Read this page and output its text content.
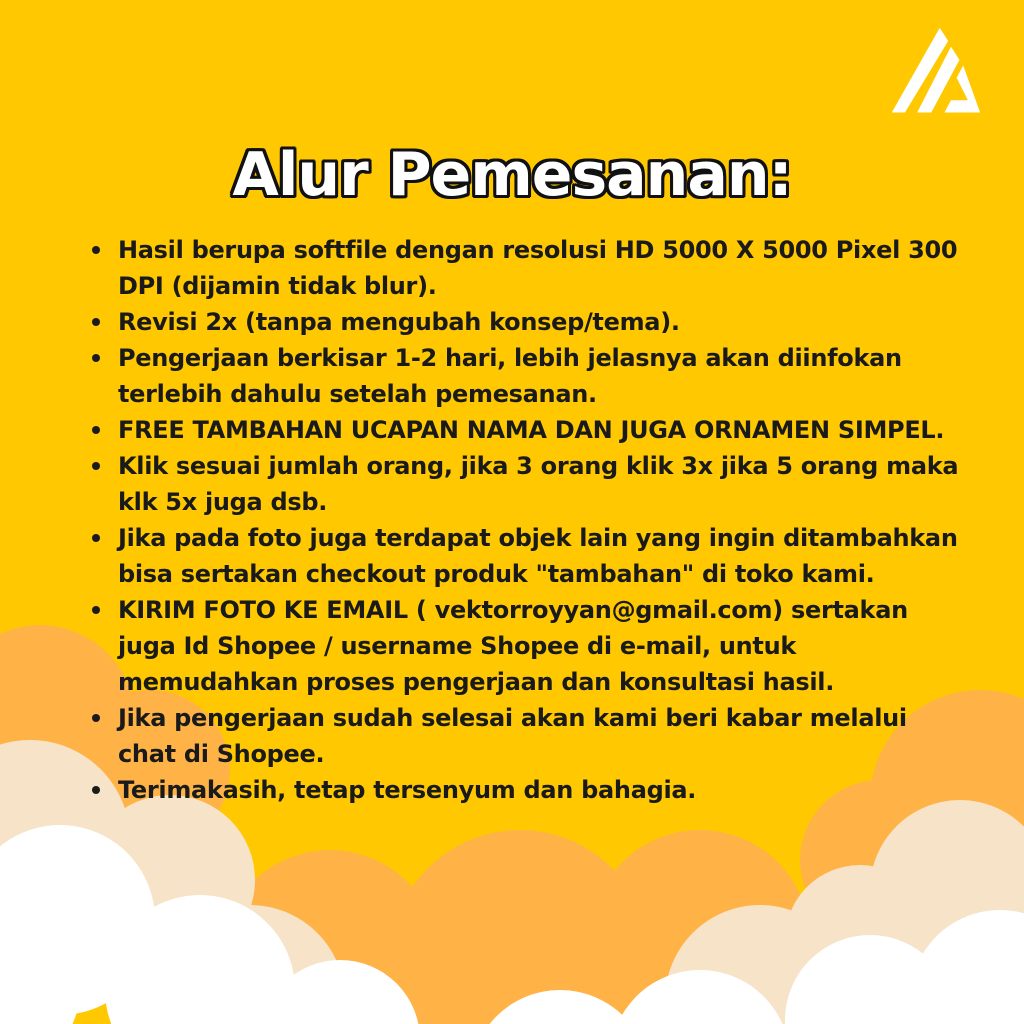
Alur Pemesanan:
Hasil berupa softfile dengan resolusi HD 5000 X 5000 Pixel 300 DPI (dijamin tidak blur).
Revisi 2x (tanpa mengubah konsep/tema).
Pengerjaan berkisar 1-2 hari, lebih jelasnya akan diinfokan terlebih dahulu setelah pemesanan.
FREE TAMBAHAN UCAPAN NAMA DAN JUGA ORNAMEN SIMPEL.
Klik sesuai jumlah orang, jika 3 orang klik 3x jika 5 orang maka klk 5x juga dsb.
Jika pada foto juga terdapat objek lain yang ingin ditambahkan bisa sertakan checkout produk "tambahan" di toko kami.
KIRIM FOTO KE EMAIL ( vektorroyyan@gmail.com) sertakan juga Id Shopee / username Shopee di e-mail, untuk memudahkan proses pengerjaan dan konsultasi hasil.
Jika pengerjaan sudah selesai akan kami beri kabar melalui chat di Shopee.
Terimakasih, tetap tersenyum dan bahagia.
